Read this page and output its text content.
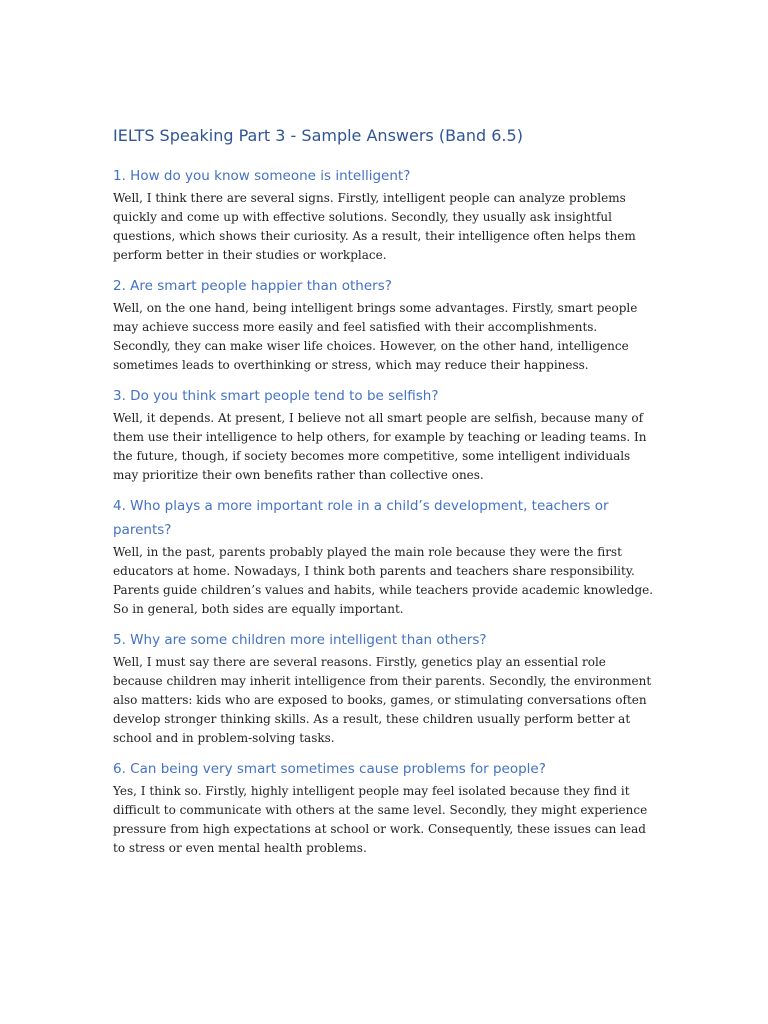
IELTS Speaking Part 3 - Sample Answers (Band 6.5)
1. How do you know someone is intelligent?

Well, I think there are several signs. Firstly, intelligent people can analyze problems quickly and come up with effective solutions. Secondly, they usually ask insightful questions, which shows their curiosity. As a result, their intelligence often helps them perform better in their studies or workplace.

2. Are smart people happier than others?

Well, on the one hand, being intelligent brings some advantages. Firstly, smart people may achieve success more easily and feel satisfied with their accomplishments. Secondly, they can make wiser life choices. However, on the other hand, intelligence sometimes leads to overthinking or stress, which may reduce their happiness.

3. Do you think smart people tend to be selfish?

Well, it depends. At present, I believe not all smart people are selfish, because many of them use their intelligence to help others, for example by teaching or leading teams. In the future, though, if society becomes more competitive, some intelligent individuals may prioritize their own benefits rather than collective ones.

4. Who plays a more important role in a child’s development, teachers or parents?

Well, in the past, parents probably played the main role because they were the first educators at home. Nowadays, I think both parents and teachers share responsibility. Parents guide children’s values and habits, while teachers provide academic knowledge. So in general, both sides are equally important.

5. Why are some children more intelligent than others?

Well, I must say there are several reasons. Firstly, genetics play an essential role because children may inherit intelligence from their parents. Secondly, the environment also matters: kids who are exposed to books, games, or stimulating conversations often develop stronger thinking skills. As a result, these children usually perform better at school and in problem-solving tasks.

6. Can being very smart sometimes cause problems for people?

Yes, I think so. Firstly, highly intelligent people may feel isolated because they find it difficult to communicate with others at the same level. Secondly, they might experience pressure from high expectations at school or work. Consequently, these issues can lead to stress or even mental health problems.
